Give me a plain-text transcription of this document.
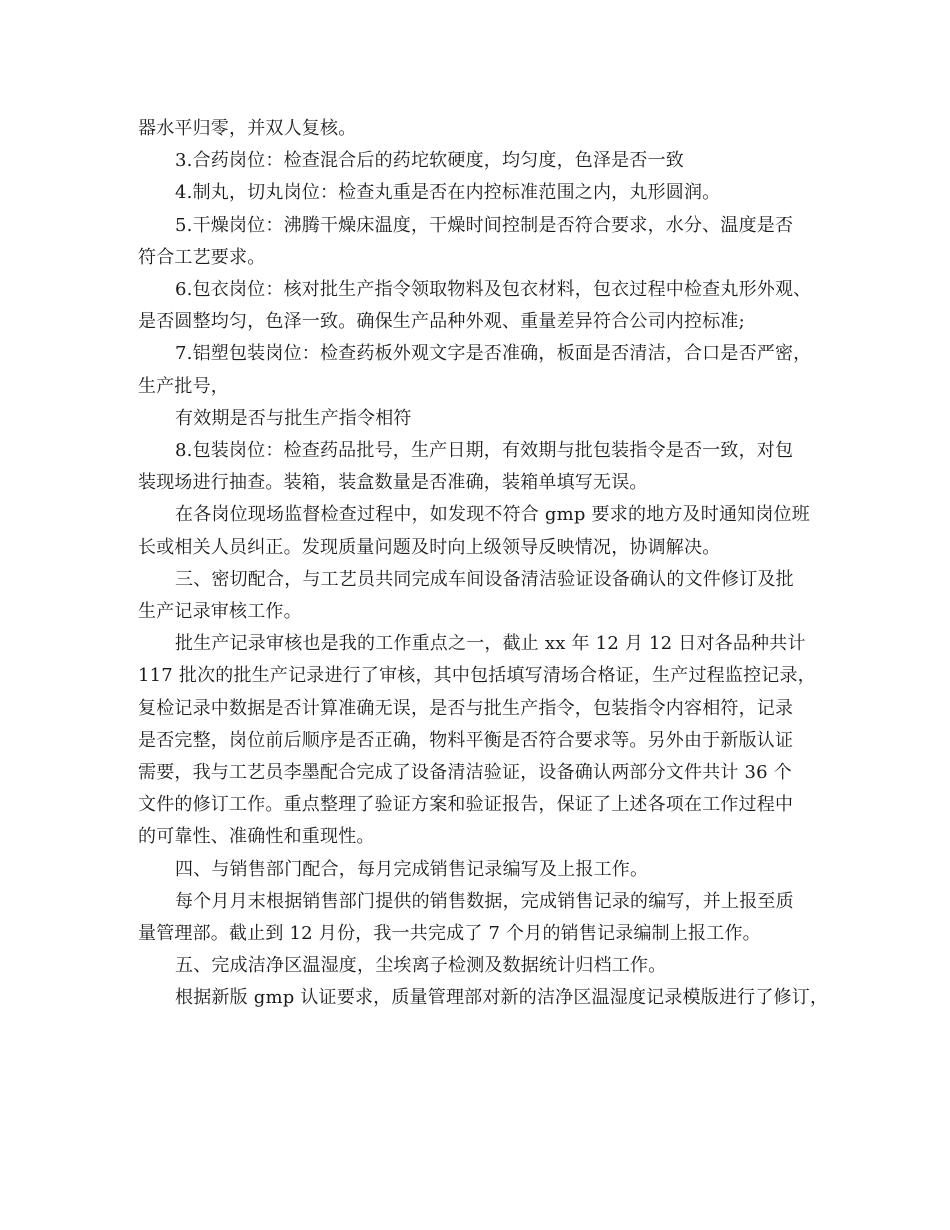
器水平归零，并双人复核。
3.合药岗位：检查混合后的药坨软硬度，均匀度，色泽是否一致
4.制丸，切丸岗位：检查丸重是否在内控标准范围之内，丸形圆润。
5.干燥岗位：沸腾干燥床温度，干燥时间控制是否符合要求，水分、温度是否
符合工艺要求。
6.包衣岗位：核对批生产指令领取物料及包衣材料，包衣过程中检查丸形外观、
是否圆整均匀，色泽一致。确保生产品种外观、重量差异符合公司内控标准;
7.铝塑包装岗位：检查药板外观文字是否准确，板面是否清洁，合口是否严密，
生产批号，
有效期是否与批生产指令相符
8.包装岗位：检查药品批号，生产日期，有效期与批包装指令是否一致，对包
装现场进行抽查。装箱，装盒数量是否准确，装箱单填写无误。
在各岗位现场监督检查过程中，如发现不符合 gmp 要求的地方及时通知岗位班
长或相关人员纠正。发现质量问题及时向上级领导反映情况，协调解决。
三、密切配合，与工艺员共同完成车间设备清洁验证设备确认的文件修订及批
生产记录审核工作。
批生产记录审核也是我的工作重点之一，截止 xx 年 12 月 12 日对各品种共计
117 批次的批生产记录进行了审核，其中包括填写清场合格证，生产过程监控记录，
复检记录中数据是否计算准确无误，是否与批生产指令，包装指令内容相符，记录
是否完整，岗位前后顺序是否正确，物料平衡是否符合要求等。另外由于新版认证
需要，我与工艺员李墨配合完成了设备清洁验证，设备确认两部分文件共计 36 个
文件的修订工作。重点整理了验证方案和验证报告，保证了上述各项在工作过程中
的可靠性、准确性和重现性。
四、与销售部门配合，每月完成销售记录编写及上报工作。
每个月月末根据销售部门提供的销售数据，完成销售记录的编写，并上报至质
量管理部。截止到 12 月份，我一共完成了 7 个月的销售记录编制上报工作。
五、完成洁净区温湿度，尘埃离子检测及数据统计归档工作。
根据新版 gmp 认证要求，质量管理部对新的洁净区温湿度记录模版进行了修订，
